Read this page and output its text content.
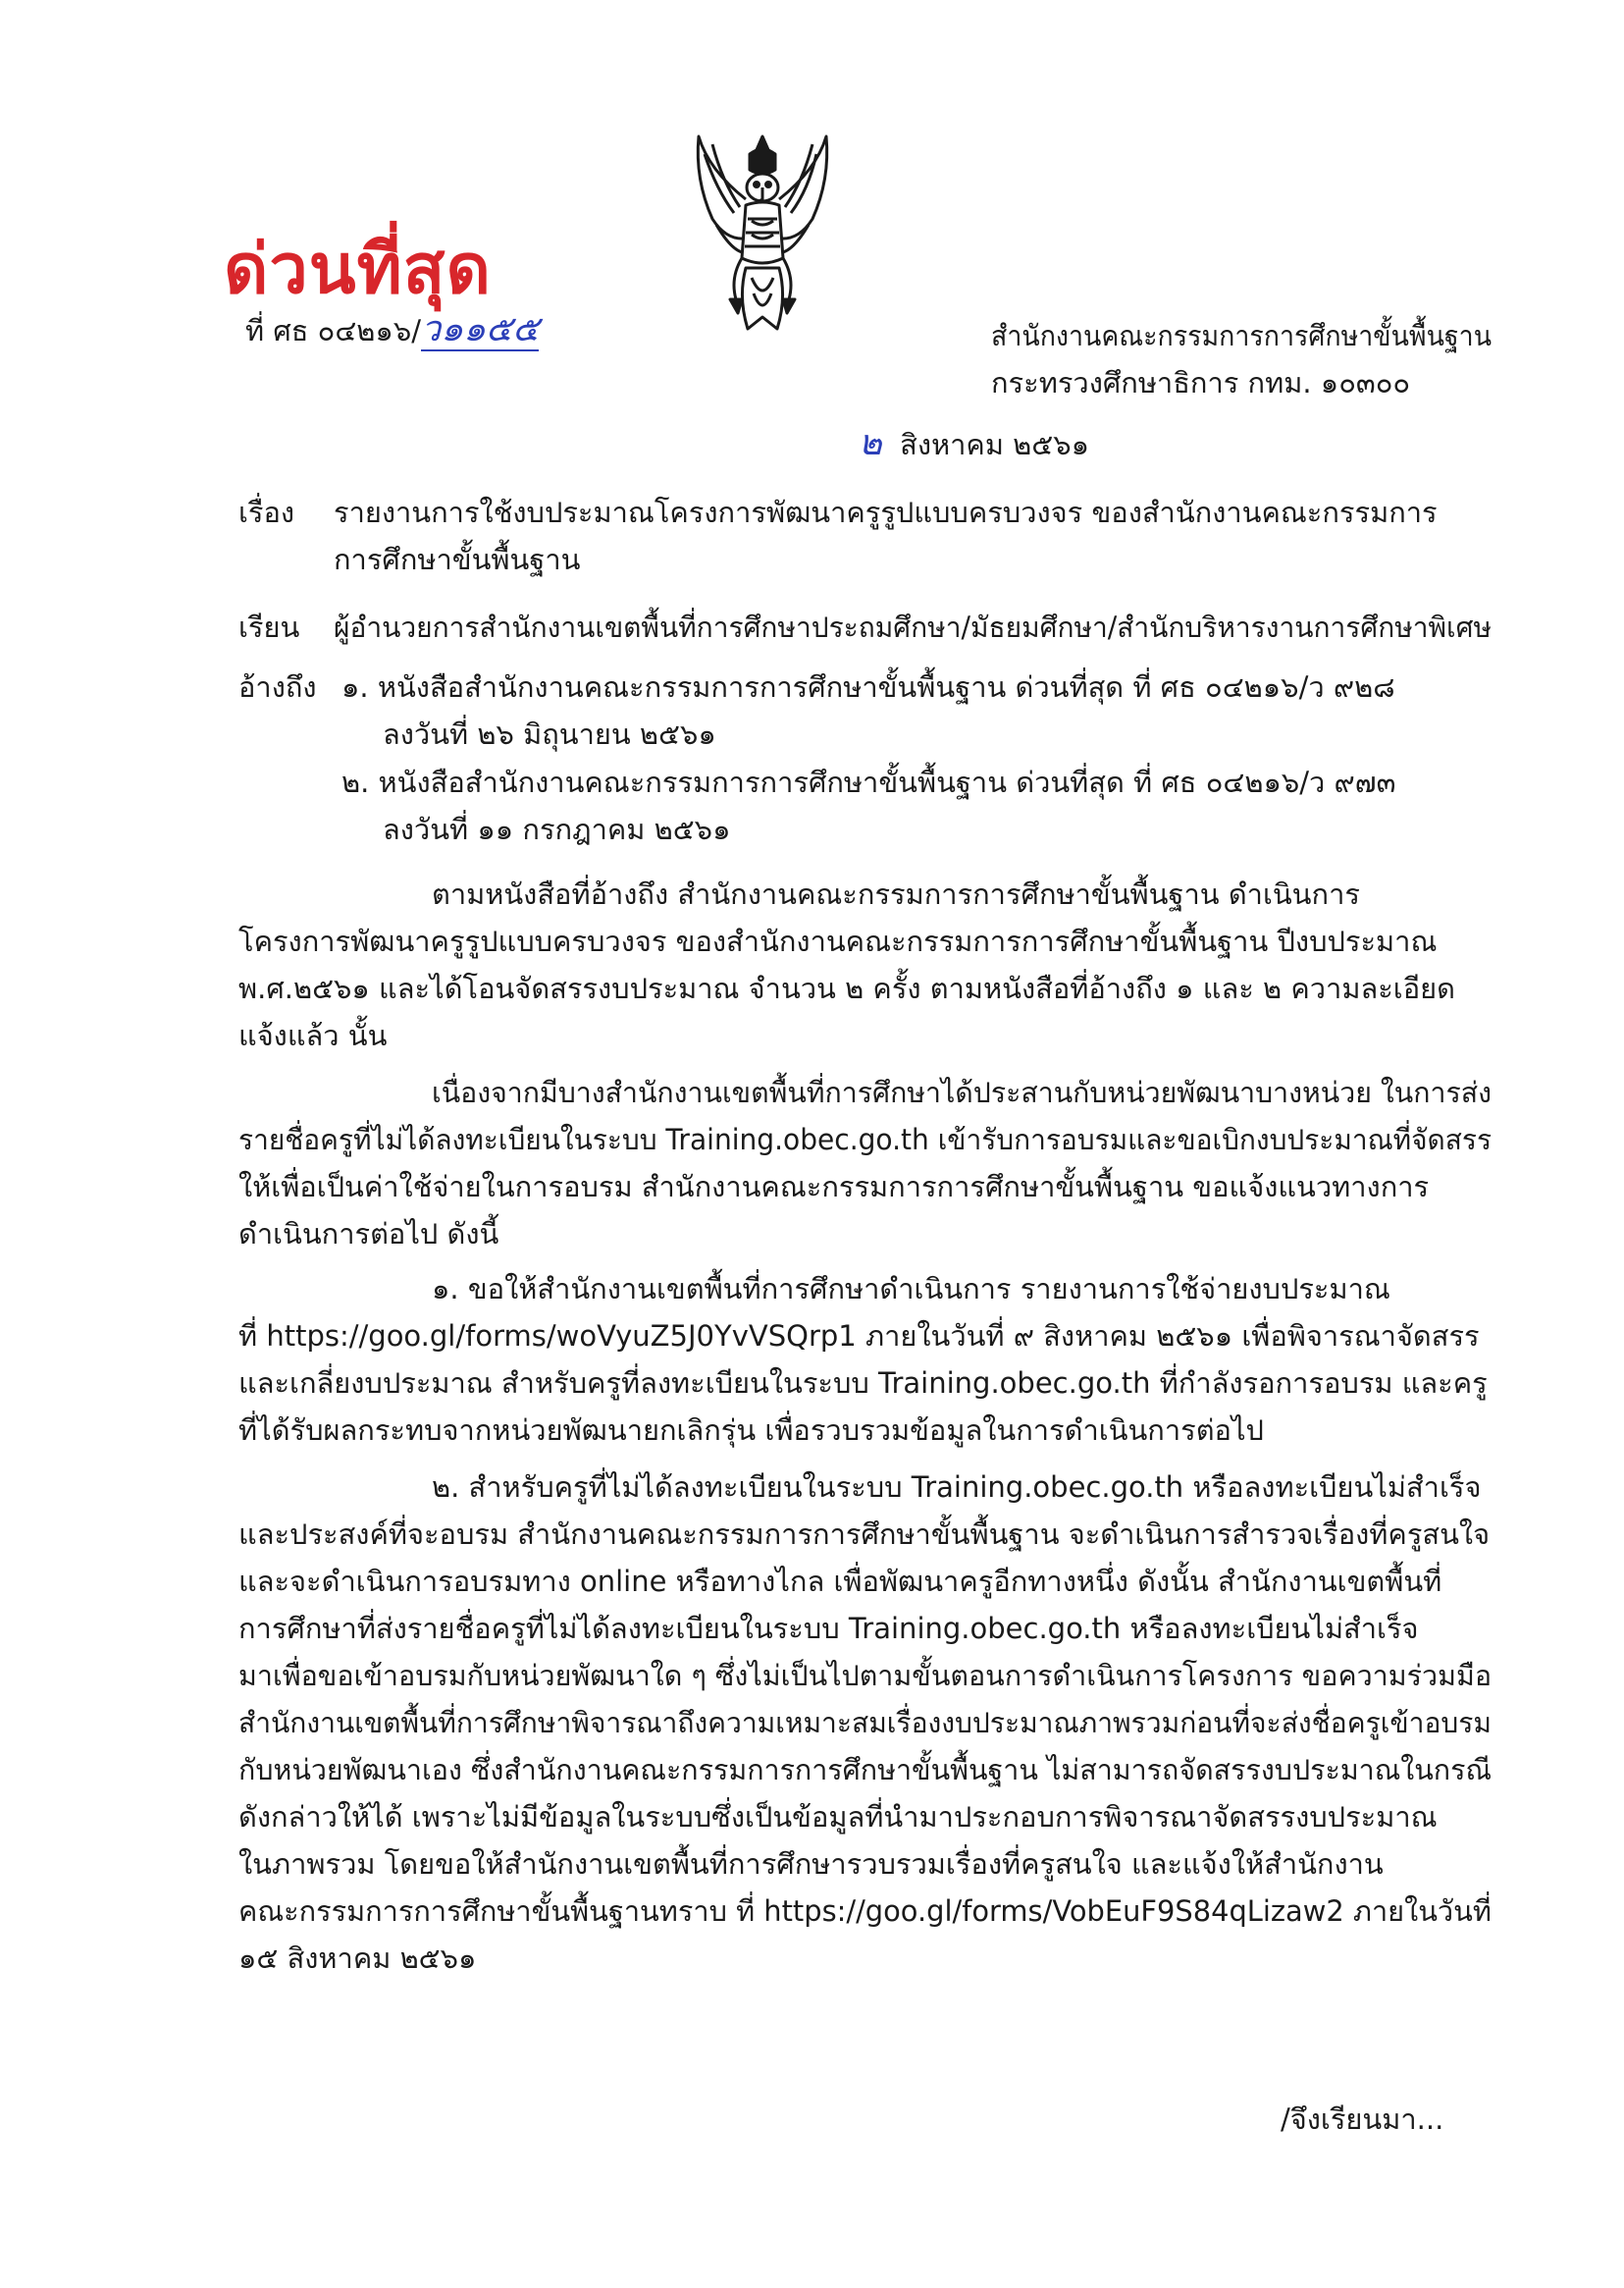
ด่วนที่สุด
ที่ ศธ ๐๔๒๑๖/ว๑๑๕๕	สำนักงานคณะกรรมการการศึกษาขั้นพื้นฐาน
กระทรวงศึกษาธิการ กทม. ๑๐๓๐๐
๒ สิงหาคม ๒๕๖๑
เรื่อง รายงานการใช้งบประมาณโครงการพัฒนาครูรูปแบบครบวงจร ของสำนักงานคณะกรรมการ
การศึกษาขั้นพื้นฐาน
เรียน ผู้อำนวยการสำนักงานเขตพื้นที่การศึกษาประถมศึกษา/มัธยมศึกษา/สำนักบริหารงานการศึกษาพิเศษ
อ้างถึง ๑. หนังสือสำนักงานคณะกรรมการการศึกษาขั้นพื้นฐาน ด่วนที่สุด ที่ ศธ ๐๔๒๑๖/ว ๙๒๘
ลงวันที่ ๒๖ มิถุนายน ๒๕๖๑
๒. หนังสือสำนักงานคณะกรรมการการศึกษาขั้นพื้นฐาน ด่วนที่สุด ที่ ศธ ๐๔๒๑๖/ว ๙๗๓
ลงวันที่ ๑๑ กรกฎาคม ๒๕๖๑
ตามหนังสือที่อ้างถึง สำนักงานคณะกรรมการการศึกษาขั้นพื้นฐาน ดำเนินการ
โครงการพัฒนาครูรูปแบบครบวงจร ของสำนักงานคณะกรรมการการศึกษาขั้นพื้นฐาน ปีงบประมาณ
พ.ศ.๒๕๖๑ และได้โอนจัดสรรงบประมาณ จำนวน ๒ ครั้ง ตามหนังสือที่อ้างถึง ๑ และ ๒ ความละเอียด
แจ้งแล้ว นั้น
เนื่องจากมีบางสำนักงานเขตพื้นที่การศึกษาได้ประสานกับหน่วยพัฒนาบางหน่วย ในการส่ง
รายชื่อครูที่ไม่ได้ลงทะเบียนในระบบ Training.obec.go.th เข้ารับการอบรมและขอเบิกงบประมาณที่จัดสรร
ให้เพื่อเป็นค่าใช้จ่ายในการอบรม สำนักงานคณะกรรมการการศึกษาขั้นพื้นฐาน ขอแจ้งแนวทางการ
ดำเนินการต่อไป ดังนี้
๑. ขอให้สำนักงานเขตพื้นที่การศึกษาดำเนินการ รายงานการใช้จ่ายงบประมาณ
ที่ https://goo.gl/forms/woVyuZ5J0YvVSQrp1 ภายในวันที่ ๙ สิงหาคม ๒๕๖๑ เพื่อพิจารณาจัดสรร
และเกลี่ยงบประมาณ สำหรับครูที่ลงทะเบียนในระบบ Training.obec.go.th ที่กำลังรอการอบรม และครู
ที่ได้รับผลกระทบจากหน่วยพัฒนายกเลิกรุ่น เพื่อรวบรวมข้อมูลในการดำเนินการต่อไป
๒. สำหรับครูที่ไม่ได้ลงทะเบียนในระบบ Training.obec.go.th หรือลงทะเบียนไม่สำเร็จ
และประสงค์ที่จะอบรม สำนักงานคณะกรรมการการศึกษาขั้นพื้นฐาน จะดำเนินการสำรวจเรื่องที่ครูสนใจ
และจะดำเนินการอบรมทาง online หรือทางไกล เพื่อพัฒนาครูอีกทางหนึ่ง ดังนั้น สำนักงานเขตพื้นที่
การศึกษาที่ส่งรายชื่อครูที่ไม่ได้ลงทะเบียนในระบบ Training.obec.go.th หรือลงทะเบียนไม่สำเร็จ
มาเพื่อขอเข้าอบรมกับหน่วยพัฒนาใด ๆ ซึ่งไม่เป็นไปตามขั้นตอนการดำเนินการโครงการ ขอความร่วมมือ
สำนักงานเขตพื้นที่การศึกษาพิจารณาถึงความเหมาะสมเรื่องงบประมาณภาพรวมก่อนที่จะส่งชื่อครูเข้าอบรม
กับหน่วยพัฒนาเอง ซึ่งสำนักงานคณะกรรมการการศึกษาขั้นพื้นฐาน ไม่สามารถจัดสรรงบประมาณในกรณี
ดังกล่าวให้ได้ เพราะไม่มีข้อมูลในระบบซึ่งเป็นข้อมูลที่นำมาประกอบการพิจารณาจัดสรรงบประมาณ
ในภาพรวม โดยขอให้สำนักงานเขตพื้นที่การศึกษารวบรวมเรื่องที่ครูสนใจ และแจ้งให้สำนักงาน
คณะกรรมการการศึกษาขั้นพื้นฐานทราบ ที่ https://goo.gl/forms/VobEuF9S84qLizaw2 ภายในวันที่
๑๕ สิงหาคม ๒๕๖๑
/จึงเรียนมา...
